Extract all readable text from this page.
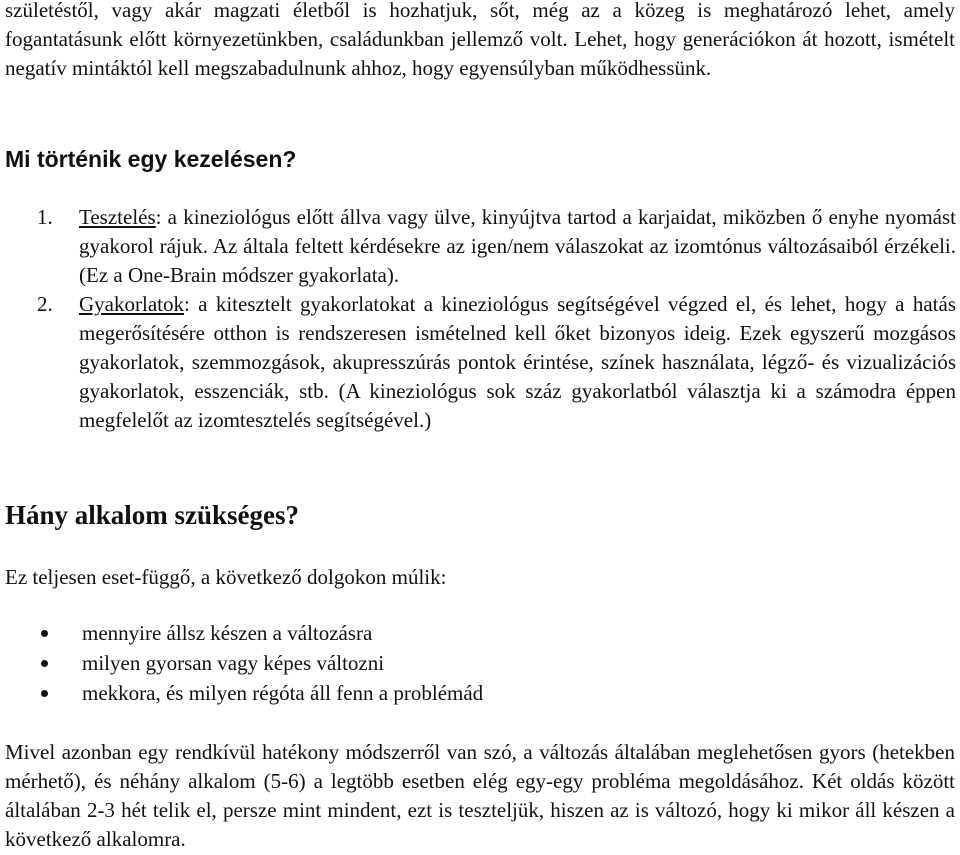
születéstől, vagy akár magzati életből is hozhatjuk, sőt, még az a közeg is meghatározó lehet, amely fogantatásunk előtt környezetünkben, családunkban jellemző volt. Lehet, hogy generációkon át hozott, ismételt negatív mintáktól kell megszabadulnunk ahhoz, hogy egyensúlyban működhessünk.

Mi történik egy kezelésen?
1. Tesztelés: a kineziológus előtt állva vagy ülve, kinyújtva tartod a karjaidat, miközben ő enyhe nyomást gyakorol rájuk. Az általa feltett kérdésekre az igen/nem válaszokat az izomtónus változásaiból érzékeli. (Ez a One-Brain módszer gyakorlata).
2. Gyakorlatok: a kitesztelt gyakorlatokat a kineziológus segítségével végzed el, és lehet, hogy a hatás megerősítésére otthon is rendszeresen ismételned kell őket bizonyos ideig. Ezek egyszerű mozgásos gyakorlatok, szemmozgások, akupresszúrás pontok érintése, színek használata, légző- és vizualizációs gyakorlatok, esszenciák, stb. (A kineziológus sok száz gyakorlatból választja ki a számodra éppen megfelelőt az izomtesztelés segítségével.)
Hány alkalom szükséges?

Ez teljesen eset-függő, a következő dolgokon múlik:

mennyire állsz készen a változásra
milyen gyorsan vagy képes változni
mekkora, és milyen régóta áll fenn a problémád

Mivel azonban egy rendkívül hatékony módszerről van szó, a változás általában meglehetősen gyors (hetekben mérhető), és néhány alkalom (5-6) a legtöbb esetben elég egy-egy probléma megoldásához. Két oldás között általában 2-3 hét telik el, persze mint mindent, ezt is teszteljük, hiszen az is változó, hogy ki mikor áll készen a következő alkalomra.
